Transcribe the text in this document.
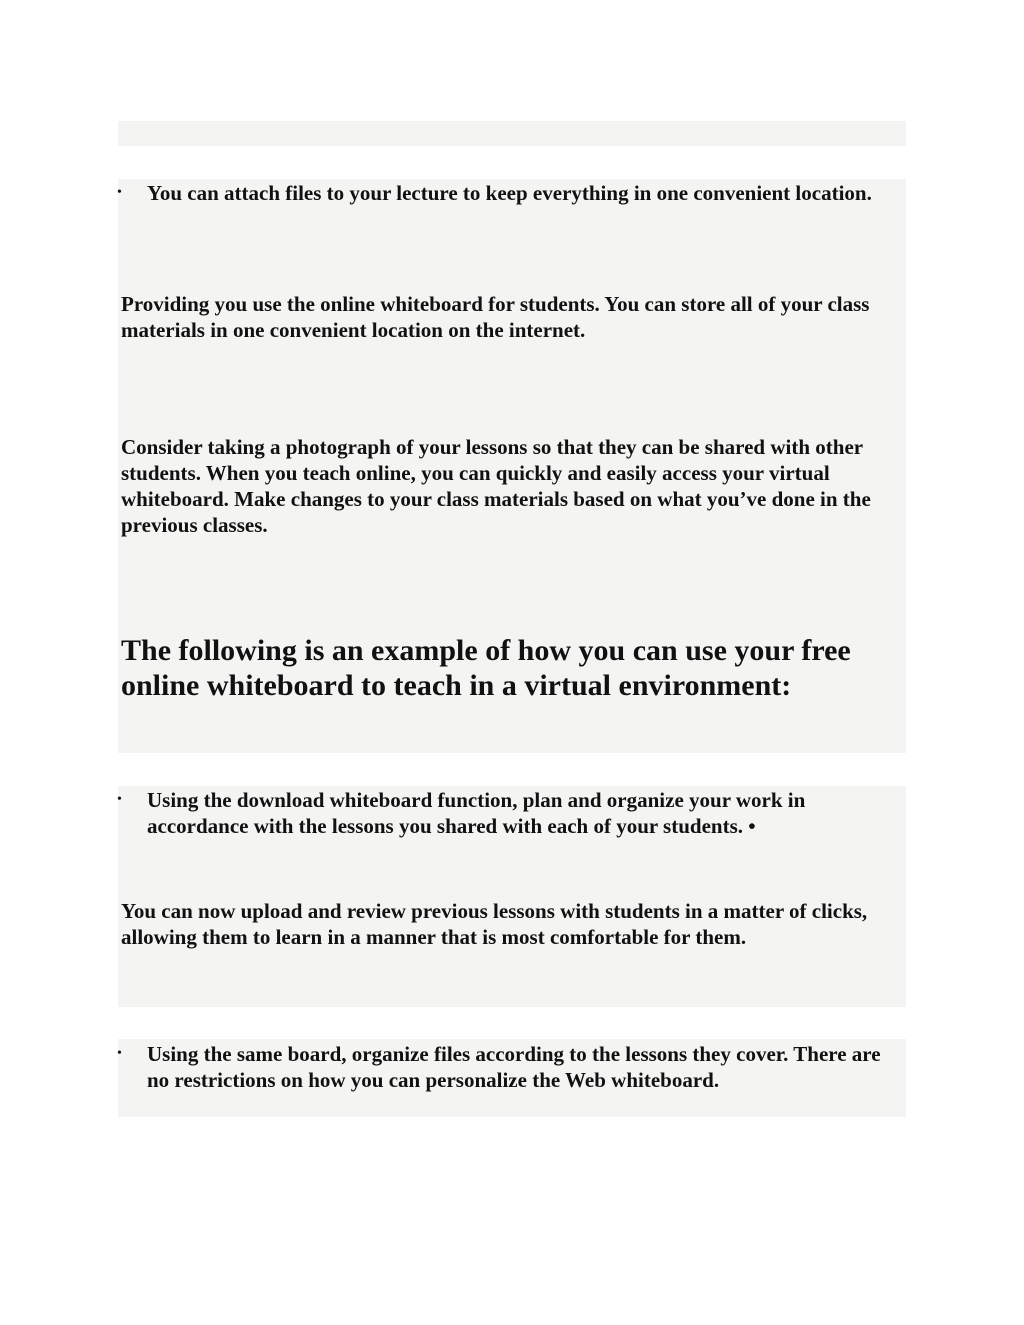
•	You can attach files to your lecture to keep everything in one convenient location.

Providing you use the online whiteboard for students. You can store all of your class materials in one convenient location on the internet.

Consider taking a photograph of your lessons so that they can be shared with other students. When you teach online, you can quickly and easily access your virtual whiteboard. Make changes to your class materials based on what you’ve done in the previous classes.

The following is an example of how you can use your free online whiteboard to teach in a virtual environment:
•	Using the download whiteboard function, plan and organize your work in accordance with the lessons you shared with each of your students. •

You can now upload and review previous lessons with students in a matter of clicks, allowing them to learn in a manner that is most comfortable for them.

•	Using the same board, organize files according to the lessons they cover. There are no restrictions on how you can personalize the Web whiteboard.
